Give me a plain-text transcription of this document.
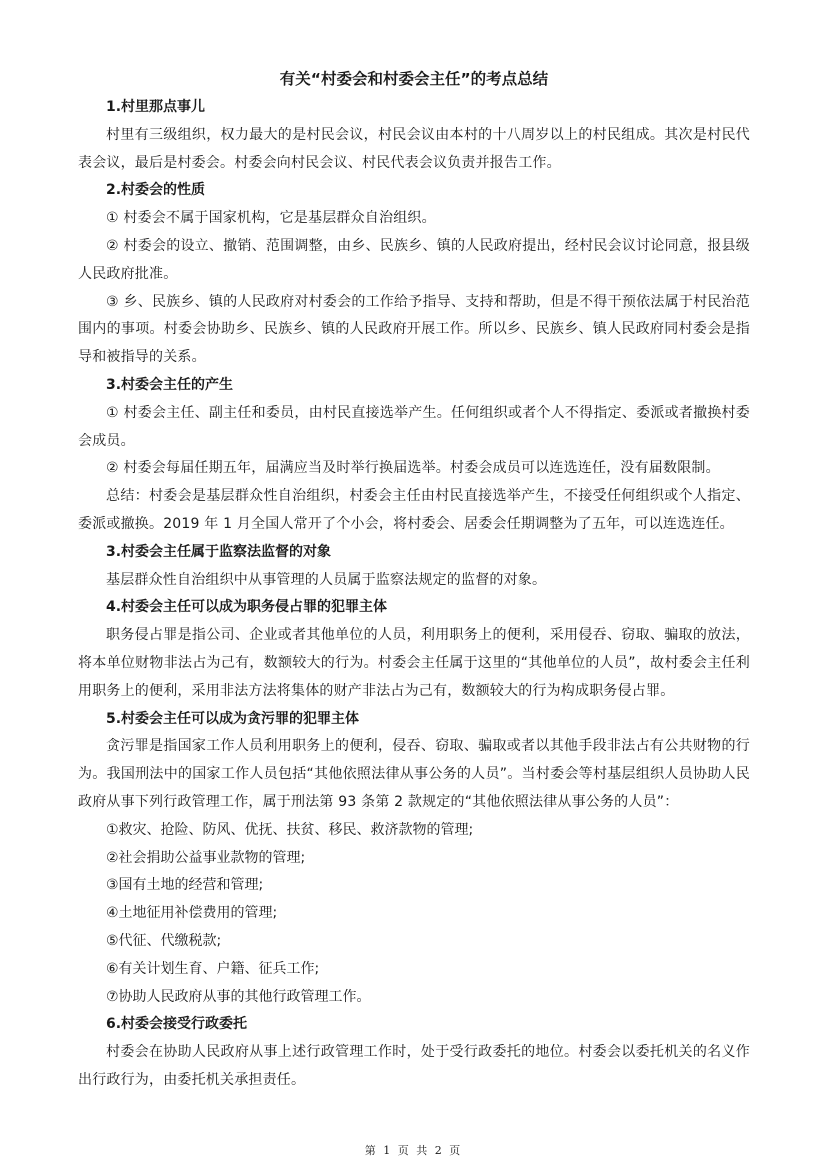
有关“村委会和村委会主任”的考点总结

1.村里那点事儿

村里有三级组织，权力最大的是村民会议，村民会议由本村的十八周岁以上的村民组成。其次是村民代表会议，最后是村委会。村委会向村民会议、村民代表会议负责并报告工作。

2.村委会的性质

① 村委会不属于国家机构，它是基层群众自治组织。

② 村委会的设立、撤销、范围调整，由乡、民族乡、镇的人民政府提出，经村民会议讨论同意，报县级人民政府批准。

③ 乡、民族乡、镇的人民政府对村委会的工作给予指导、支持和帮助，但是不得干预依法属于村民治范围内的事项。村委会协助乡、民族乡、镇的人民政府开展工作。所以乡、民族乡、镇人民政府同村委会是指导和被指导的关系。

3.村委会主任的产生

① 村委会主任、副主任和委员，由村民直接选举产生。任何组织或者个人不得指定、委派或者撤换村委会成员。

② 村委会每届任期五年，届满应当及时举行换届选举。村委会成员可以连选连任，没有届数限制。

总结：村委会是基层群众性自治组织，村委会主任由村民直接选举产生，不接受任何组织或个人指定、委派或撤换。2019 年 1 月全国人常开了个小会，将村委会、居委会任期调整为了五年，可以连选连任。

3.村委会主任属于监察法监督的对象

基层群众性自治组织中从事管理的人员属于监察法规定的监督的对象。

4.村委会主任可以成为职务侵占罪的犯罪主体

职务侵占罪是指公司、企业或者其他单位的人员，利用职务上的便利，采用侵吞、窃取、骗取的放法，将本单位财物非法占为己有，数额较大的行为。村委会主任属于这里的“其他单位的人员”，故村委会主任利用职务上的便利，采用非法方法将集体的财产非法占为己有，数额较大的行为构成职务侵占罪。

5.村委会主任可以成为贪污罪的犯罪主体

贪污罪是指国家工作人员利用职务上的便利，侵吞、窃取、骗取或者以其他手段非法占有公共财物的行为。我国刑法中的国家工作人员包括“其他依照法律从事公务的人员”。当村委会等村基层组织人员协助人民政府从事下列行政管理工作，属于刑法第 93 条第 2 款规定的“其他依照法律从事公务的人员”：

①救灾、抢险、防风、优抚、扶贫、移民、救济款物的管理;

②社会捐助公益事业款物的管理;

③国有土地的经营和管理;

④土地征用补偿费用的管理;

⑤代征、代缴税款;

⑥有关计划生育、户籍、征兵工作;

⑦协助人民政府从事的其他行政管理工作。

6.村委会接受行政委托

村委会在协助人民政府从事上述行政管理工作时，处于受行政委托的地位。村委会以委托机关的名义作出行政行为，由委托机关承担责任。

第 1 页 共 2 页
